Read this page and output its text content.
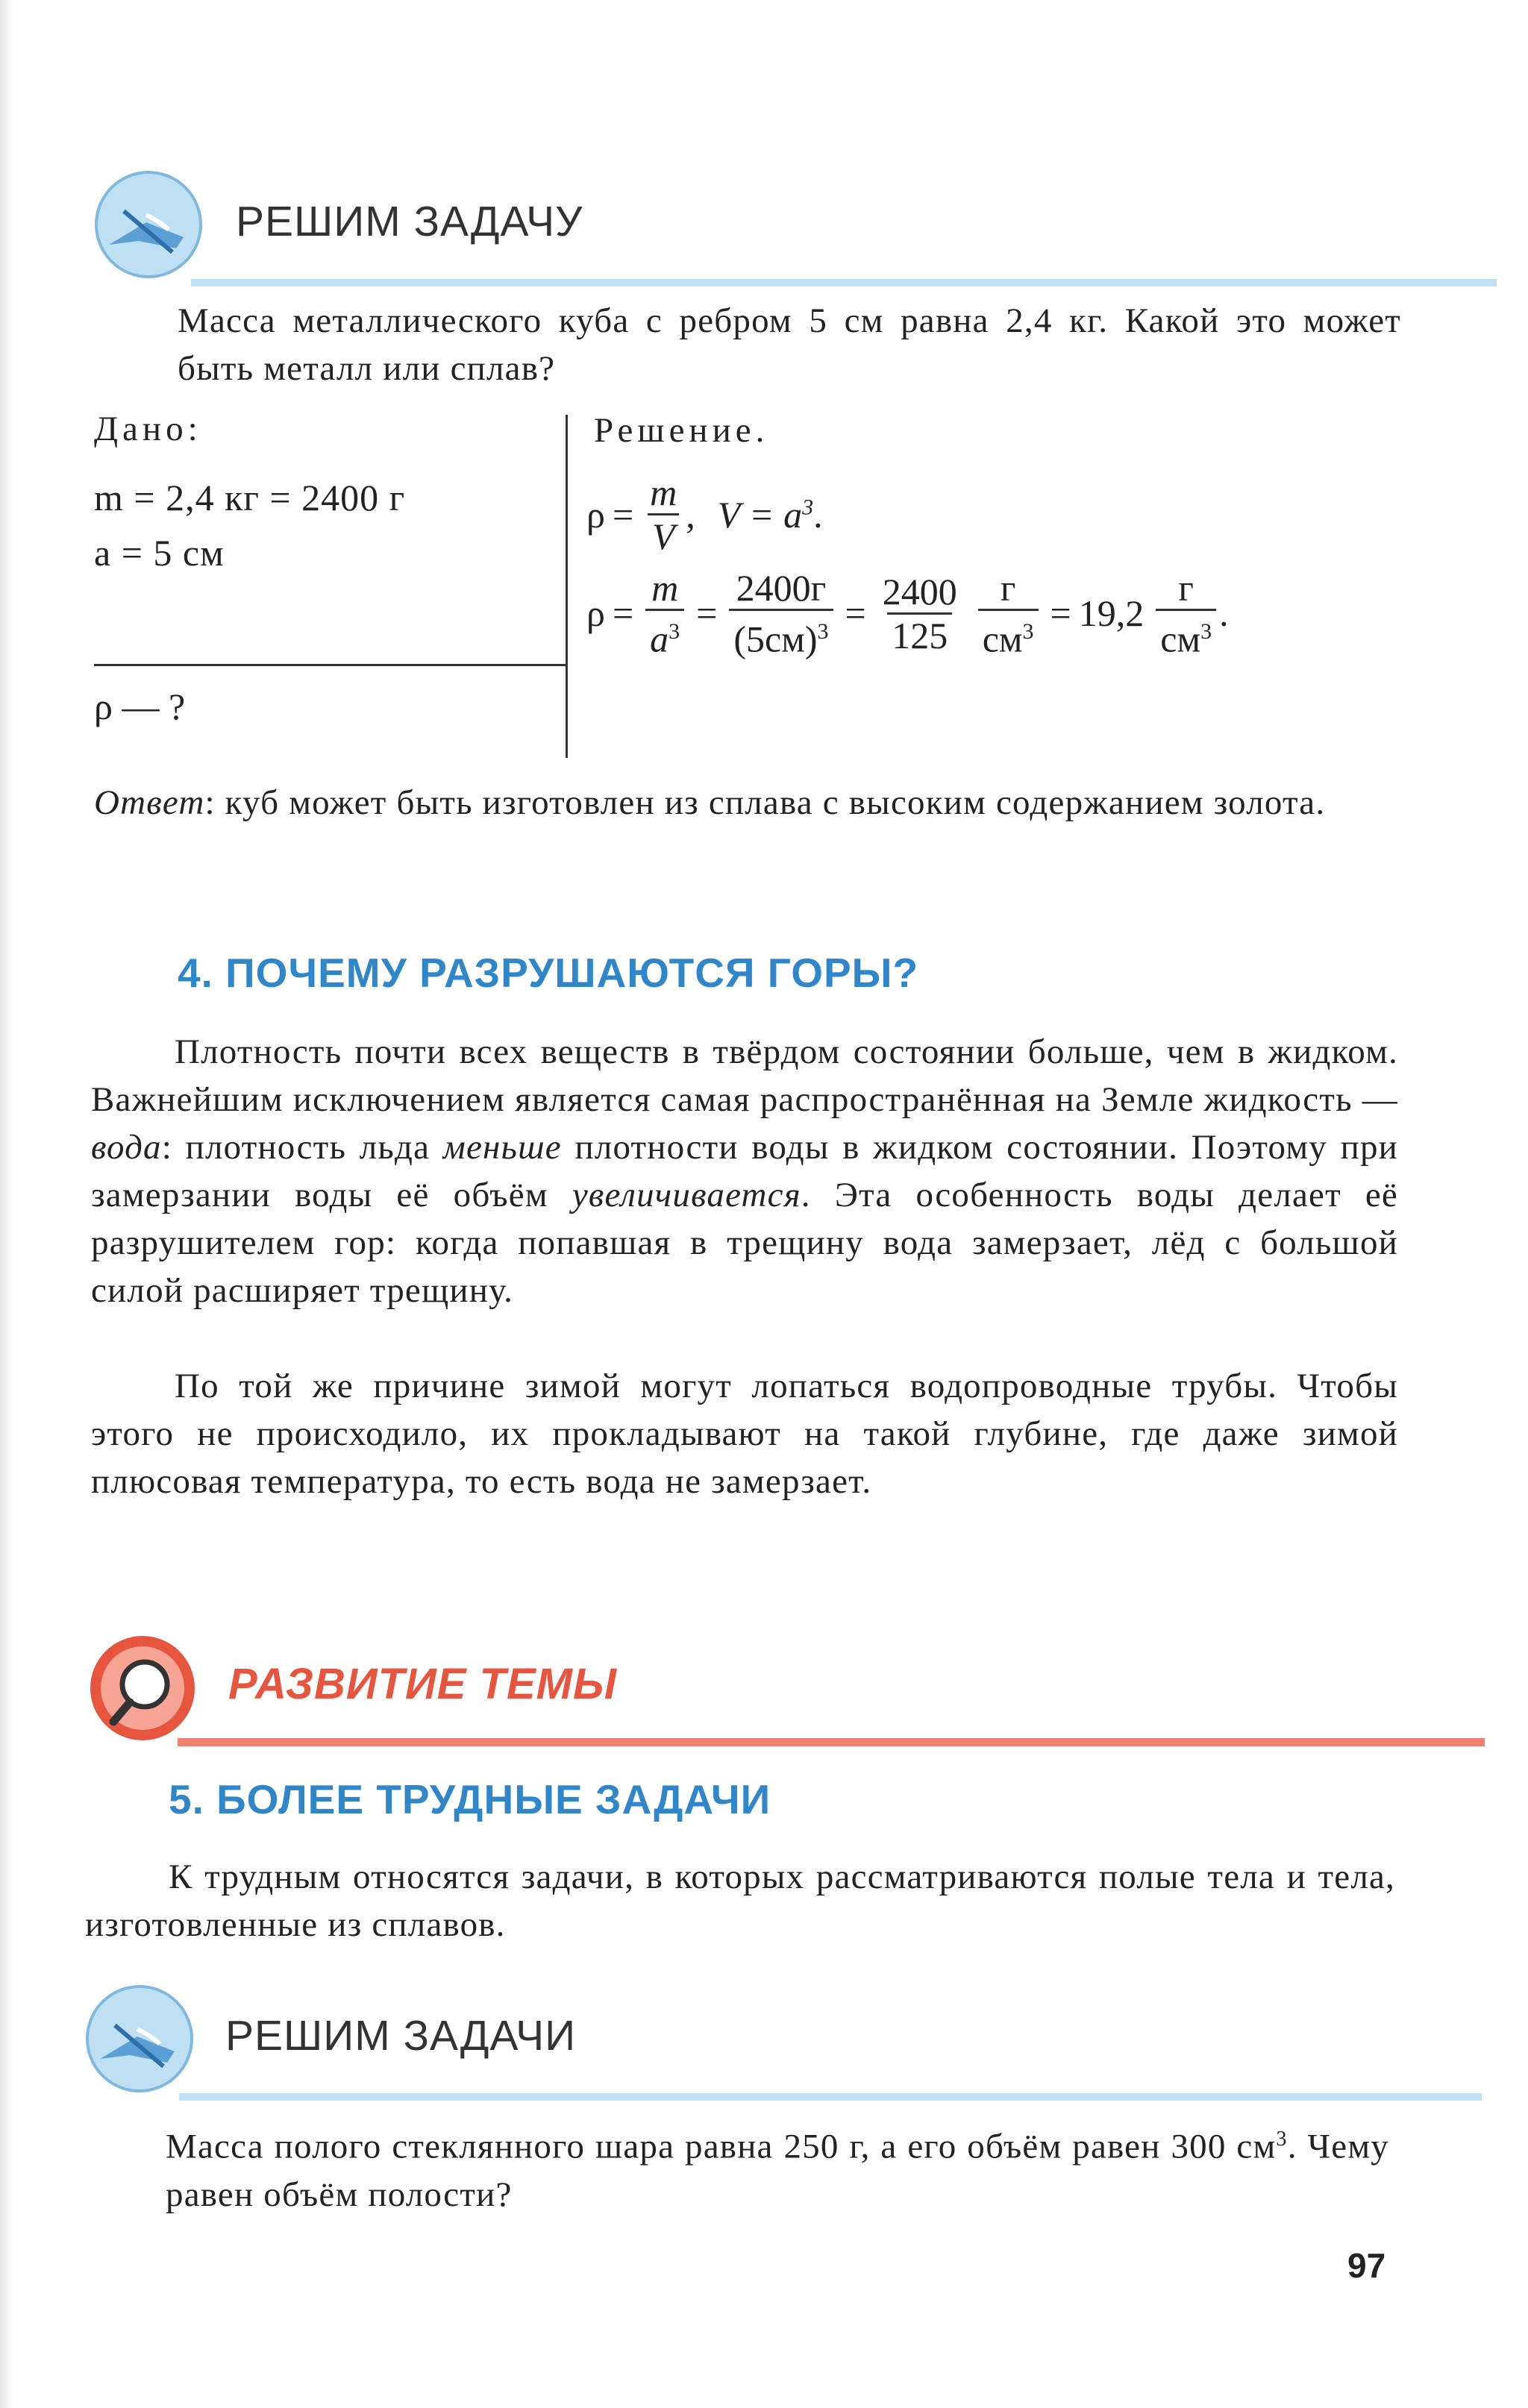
РЕШИМ ЗАДАЧУ
Масса металлического куба с ребром 5 см равна 2,4 кг. Какой это может быть металл или сплав?
Дано:
m = 2,4 кг = 2400 г
a = 5 см
ρ — ?
Решение.
$\rho = \frac{m}{V}$ , $V = a^3$.
$\rho = \frac{m}{a^3} = \frac{2400г}{(5см)^3} = \frac{2400}{125} \frac{г}{см^3} = 19,2 \frac{г}{см^3}$ .
Ответ: куб может быть изготовлен из сплава с высоким содержанием золота.
4. ПОЧЕМУ РАЗРУШАЮТСЯ ГОРЫ?
Плотность почти всех веществ в твёрдом состоянии больше, чем в жидком. Важнейшим исключением является самая распространённая на Земле жидкость — вода: плотность льда меньше плотности воды в жидком состоянии. Поэтому при замерзании воды её объём увеличивается. Эта особенность воды делает её разрушителем гор: когда попавшая в трещину вода замерзает, лёд с большой силой расширяет трещину.
По той же причине зимой могут лопаться водопроводные трубы. Чтобы этого не происходило, их прокладывают на такой глубине, где даже зимой плюсовая температура, то есть вода не замерзает.
РАЗВИТИЕ ТЕМЫ
5. БОЛЕЕ ТРУДНЫЕ ЗАДАЧИ
К трудным относятся задачи, в которых рассматриваются полые тела и тела, изготовленные из сплавов.
РЕШИМ ЗАДАЧИ
Масса полого стеклянного шара равна 250 г, а его объём равен 300 $см^3$. Чему равен объём полости?
97
